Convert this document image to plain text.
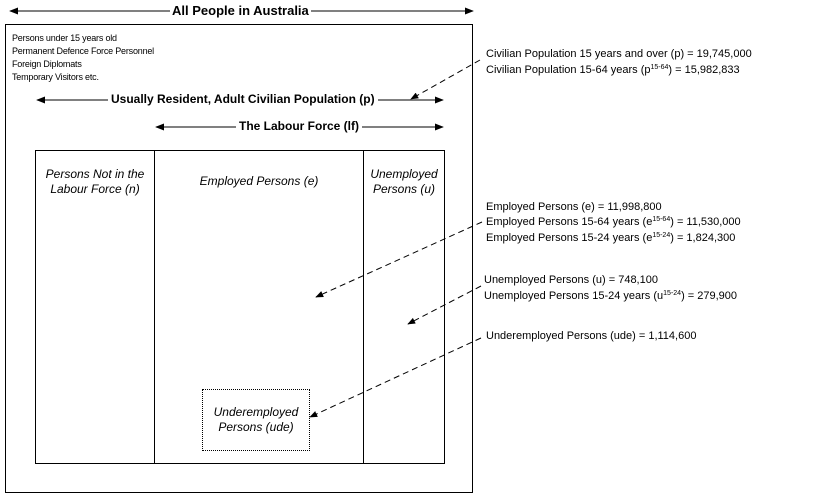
All People in Australia
Persons under 15 years old
Permanent Defence Force Personnel
Foreign Diplomats
Temporary Visitors etc.
Usually Resident, Adult Civilian Population (p)
The Labour Force (lf)
Persons Not in the Labour Force (n)
Employed Persons (e)	Unemployed Persons (u)
Underemployed Persons (ude)
Civilian Population 15 years and over (p) = 19,745,000
Civilian Population 15-64 years $(p^{15-64}) = 15,982,833$
Employed Persons (e) = 11,998,800
Employed Persons 15-64 years $(e^{15-64}) = 11,530,000$
Employed Persons 15-24 years $(e^{15-24}) = 1,824,300$
Unemployed Persons (u) = 748,100
Unemployed Persons 15-24 years $(u^{15-24}) = 279,900$
Underemployed Persons (ude) = 1,114,600
